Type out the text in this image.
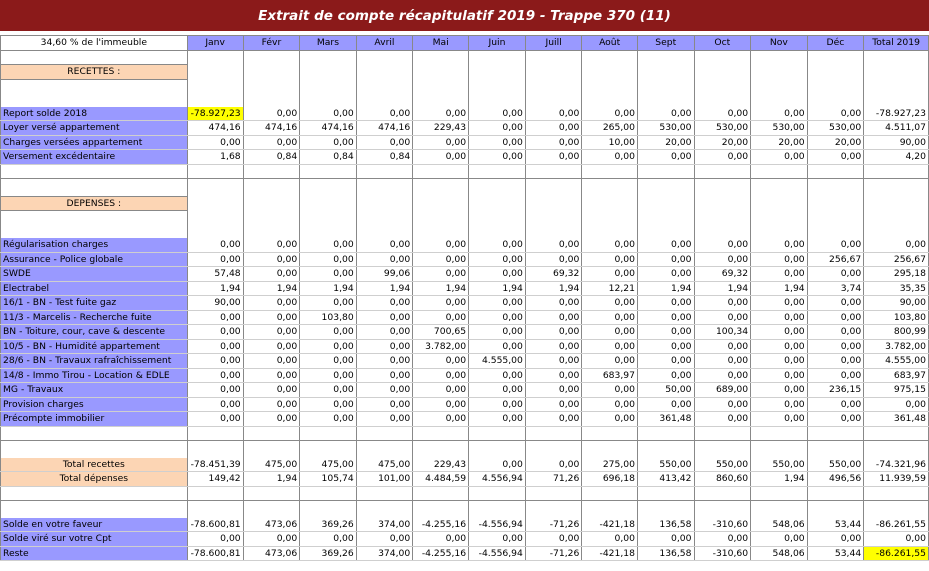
Extrait de compte récapitulatif 2019 - Trappe 370 (11)
34,60 % de l'immeuble	Janv	Févr	Mars	Avril	Mai	Juin	Juill	Août	Sept	Oct	Nov	Déc	Total 2019

RECETTES :													

Report solde 2018	-78.927,23	0,00	0,00	0,00	0,00	0,00	0,00	0,00	0,00	0,00	0,00	0,00	-78.927,23
Loyer versé appartement	474,16	474,16	474,16	474,16	229,43	0,00	0,00	265,00	530,00	530,00	530,00	530,00	4.511,07
Charges versées appartement	0,00	0,00	0,00	0,00	0,00	0,00	0,00	10,00	20,00	20,00	20,00	20,00	90,00
Versement excédentaire	1,68	0,84	0,84	0,84	0,00	0,00	0,00	0,00	0,00	0,00	0,00	0,00	4,20

DEPENSES :													

Régularisation charges	0,00	0,00	0,00	0,00	0,00	0,00	0,00	0,00	0,00	0,00	0,00	0,00	0,00
Assurance - Police globale	0,00	0,00	0,00	0,00	0,00	0,00	0,00	0,00	0,00	0,00	0,00	256,67	256,67
SWDE	57,48	0,00	0,00	99,06	0,00	0,00	69,32	0,00	0,00	69,32	0,00	0,00	295,18
Electrabel	1,94	1,94	1,94	1,94	1,94	1,94	1,94	12,21	1,94	1,94	1,94	3,74	35,35
16/1 - BN - Test fuite gaz	90,00	0,00	0,00	0,00	0,00	0,00	0,00	0,00	0,00	0,00	0,00	0,00	90,00
11/3 - Marcelis - Recherche fuite	0,00	0,00	103,80	0,00	0,00	0,00	0,00	0,00	0,00	0,00	0,00	0,00	103,80
BN - Toiture, cour, cave & descente	0,00	0,00	0,00	0,00	700,65	0,00	0,00	0,00	0,00	100,34	0,00	0,00	800,99
10/5 - BN - Humidité appartement	0,00	0,00	0,00	0,00	3.782,00	0,00	0,00	0,00	0,00	0,00	0,00	0,00	3.782,00
28/6 - BN - Travaux rafraîchissement	0,00	0,00	0,00	0,00	0,00	4.555,00	0,00	0,00	0,00	0,00	0,00	0,00	4.555,00
14/8 - Immo Tirou - Location & EDLE	0,00	0,00	0,00	0,00	0,00	0,00	0,00	683,97	0,00	0,00	0,00	0,00	683,97
MG - Travaux	0,00	0,00	0,00	0,00	0,00	0,00	0,00	0,00	50,00	689,00	0,00	236,15	975,15
Provision charges	0,00	0,00	0,00	0,00	0,00	0,00	0,00	0,00	0,00	0,00	0,00	0,00	0,00
Précompte immobilier	0,00	0,00	0,00	0,00	0,00	0,00	0,00	0,00	361,48	0,00	0,00	0,00	361,48

Total recettes	-78.451,39	475,00	475,00	475,00	229,43	0,00	0,00	275,00	550,00	550,00	550,00	550,00	-74.321,96
Total dépenses	149,42	1,94	105,74	101,00	4.484,59	4.556,94	71,26	696,18	413,42	860,60	1,94	496,56	11.939,59

Solde en votre faveur	-78.600,81	473,06	369,26	374,00	-4.255,16	-4.556,94	-71,26	-421,18	136,58	-310,60	548,06	53,44	-86.261,55
Solde viré sur votre Cpt	0,00	0,00	0,00	0,00	0,00	0,00	0,00	0,00	0,00	0,00	0,00	0,00	0,00
Reste	-78.600,81	473,06	369,26	374,00	-4.255,16	-4.556,94	-71,26	-421,18	136,58	-310,60	548,06	53,44	-86.261,55
